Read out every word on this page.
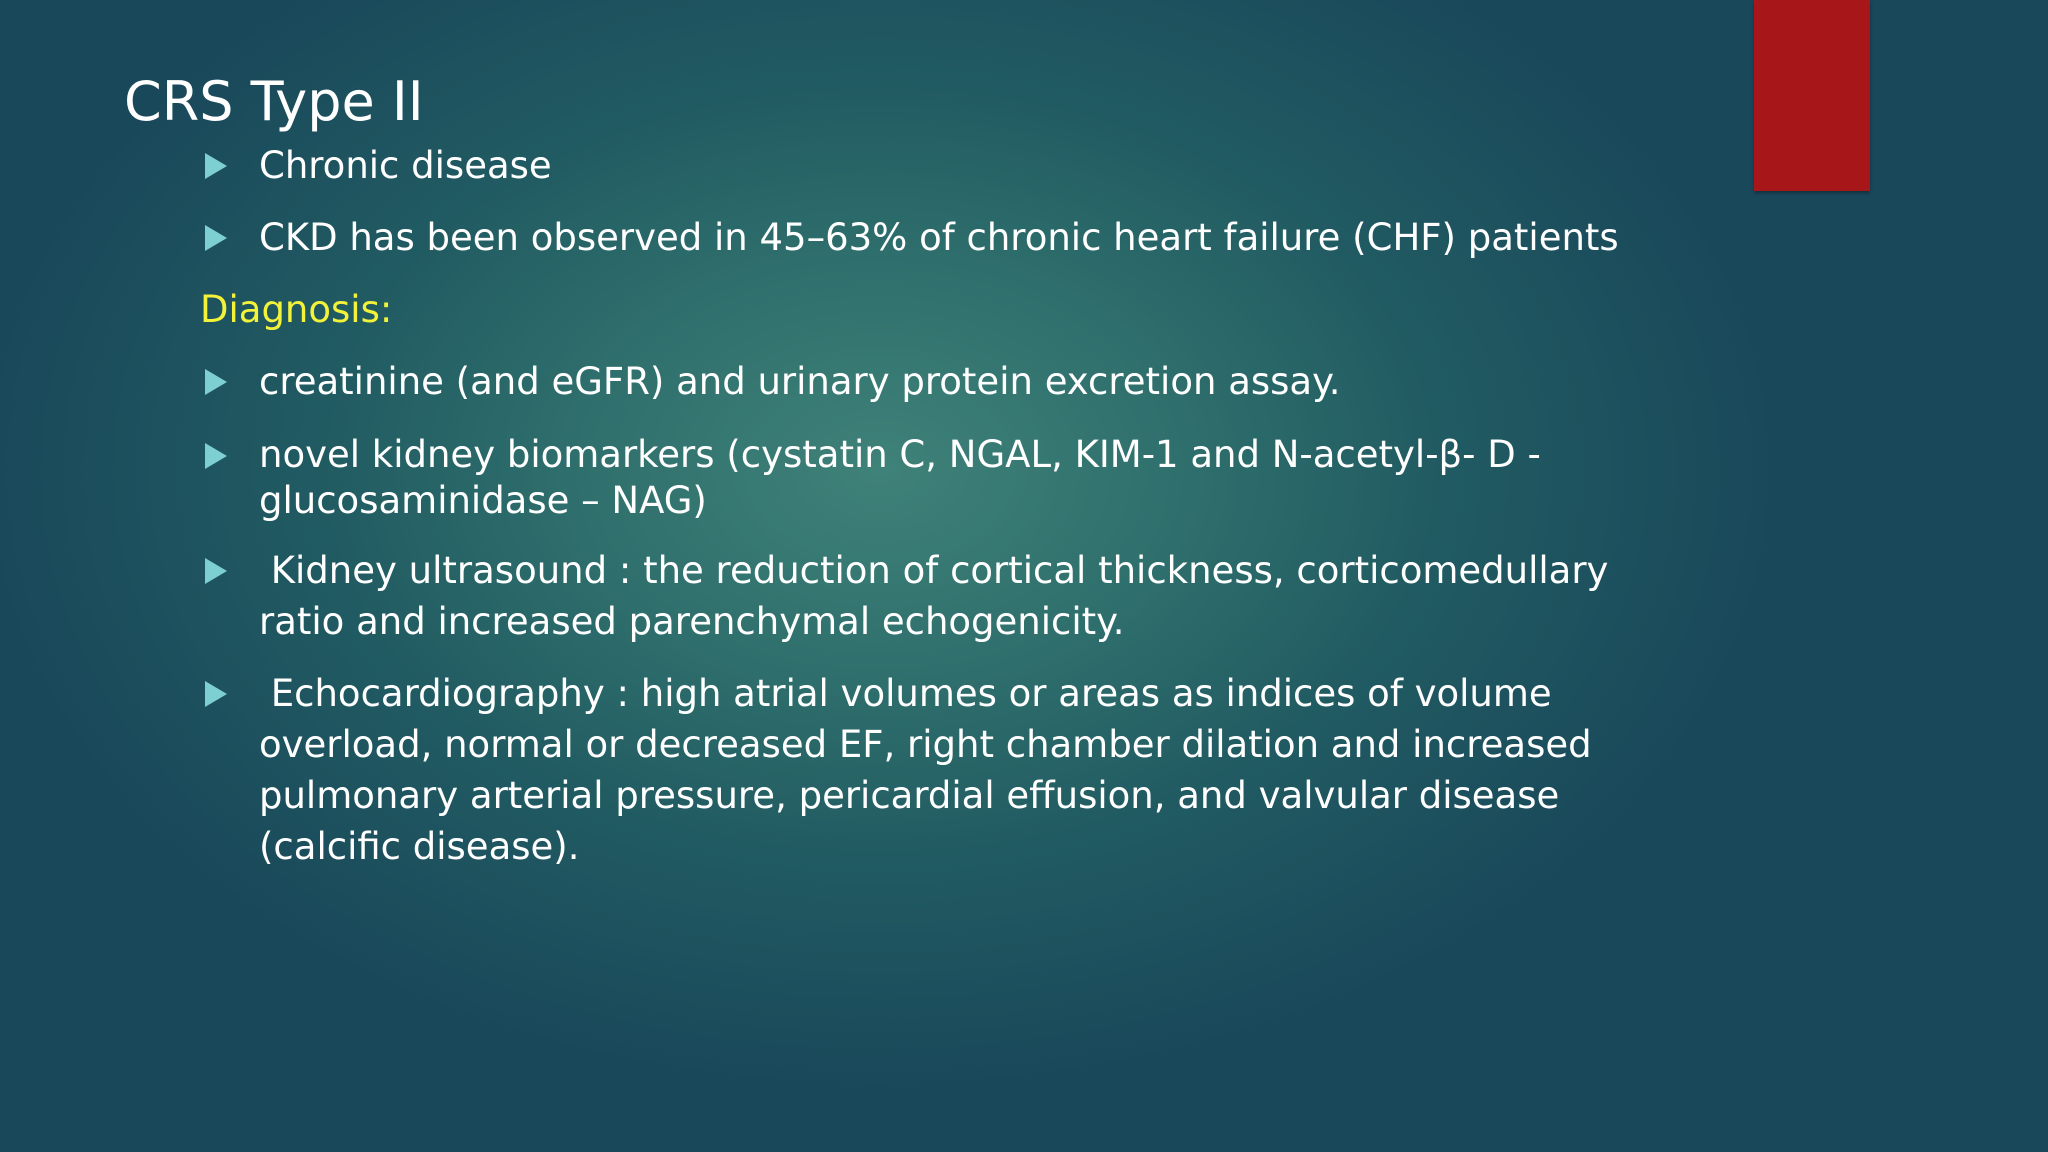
CRS Type II
Chronic disease
CKD has been observed in 45–63% of chronic heart failure (CHF) patients
Diagnosis:
creatinine (and eGFR) and urinary protein excretion assay.
novel kidney biomarkers (cystatin C, NGAL, KIM-1 and N-acetyl-β- D - glucosaminidase – NAG)
Kidney ultrasound : the reduction of cortical thickness, corticomedullary ratio and increased parenchymal echogenicity.
Echocardiography : high atrial volumes or areas as indices of volume overload, normal or decreased EF, right chamber dilation and increased pulmonary arterial pressure, pericardial effusion, and valvular disease (calcific disease).
